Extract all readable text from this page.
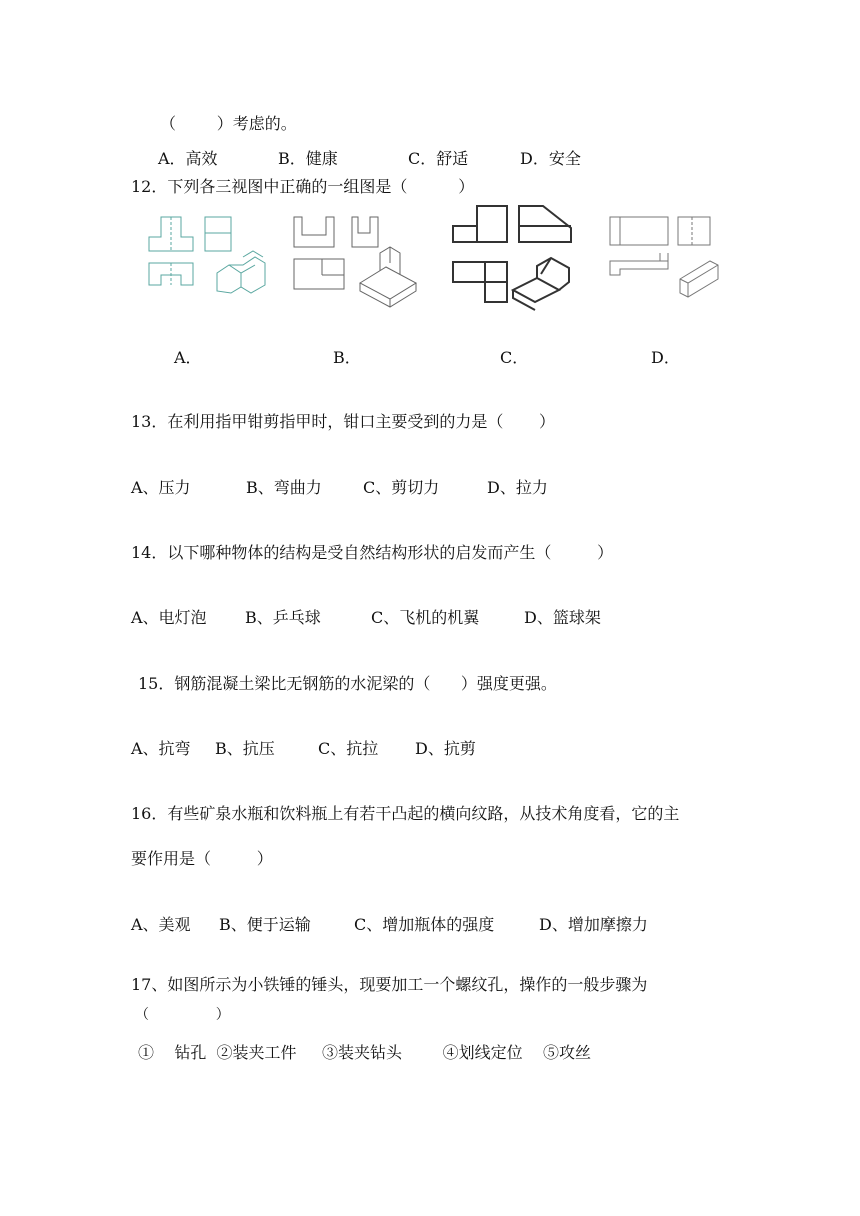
（        ）考虑的。
A．高效	B．健康	C．舒适	D．安全
12．下列各三视图中正确的一组图是（          ）
A．	B．	C．	D．
13．在利用指甲钳剪指甲时，钳口主要受到的力是（       ）
A、压力	B、弯曲力	C、剪切力	D、拉力
14．以下哪种物体的结构是受自然结构形状的启发而产生（         ）
A、电灯泡 B、乒乓球	C、飞机的机翼	D、篮球架
15．钢筋混凝土梁比无钢筋的水泥梁的（      ）强度更强。
A、抗弯 B、抗压	C、抗拉 D、抗剪
16．有些矿泉水瓶和饮料瓶上有若干凸起的横向纹路，从技术角度看，它的主
要作用是（         ）
A、美观 B、便于运输	C、增加瓶体的强度	D、增加摩擦力
17、如图所示为小铁锤的锤头，现要加工一个螺纹孔，操作的一般步骤为
（               ）
①    钻孔  ②装夹工件     ③装夹钻头        ④划线定位    ⑤攻丝
